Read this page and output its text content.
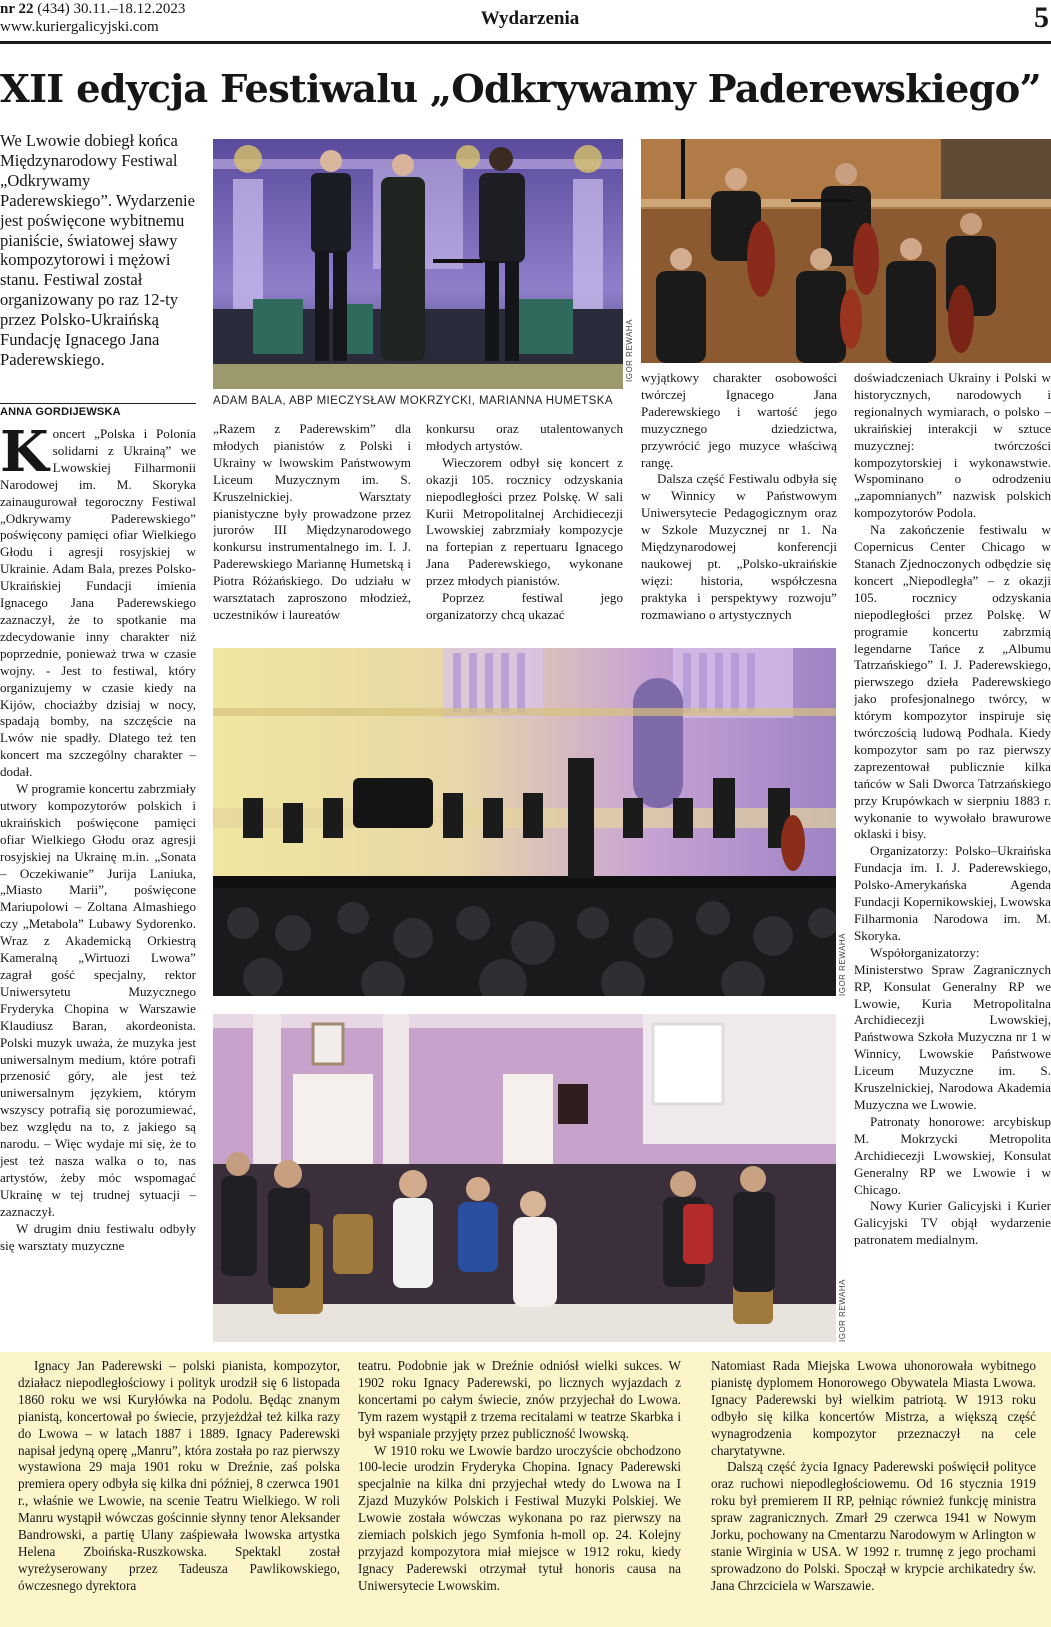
nr 22 (434) 30.11.–18.12.2023
www.kuriergalicyjski.com	Wydarzenia	5
XII edycja Festiwalu „Odkrywamy Paderewskiego”
We Lwowie dobiegł końca Międzynarodowy Festiwal „Odkrywamy Paderewskiego”. Wydarzenie jest poświęcone wybitnemu pianiście, światowej sławy kompozytorowi i mężowi stanu. Festiwal został organizowany po raz 12-ty przez Polsko-Ukraińską Fundację Ignacego Jana Paderewskiego.
ANNA GORDIJEWSKA
ADAM BALA, ABP MIECZYSŁAW MOKRZYCKI, MARIANNA HUMETSKA
IGOR REWAHA
IGOR REWAHA
IGOR REWAHA

Koncert „Polska i Polonia solidarni z Ukrainą” we Lwowskiej Filharmonii Narodowej im. M. Skoryka zainaugurował tegoroczny Festiwal „Odkrywamy Paderewskiego” poświęcony pamięci ofiar Wielkiego Głodu i agresji rosyjskiej w Ukrainie. Adam Bala, prezes Polsko-Ukraińskiej Fundacji imienia Ignacego Jana Paderewskiego zaznaczył, że to spotkanie ma zdecydowanie inny charakter niż poprzednie, ponieważ trwa w czasie wojny. - Jest to festiwal, który organizujemy w czasie kiedy na Kijów, chociażby dzisiaj w nocy, spadają bomby, na szczęście na Lwów nie spadły. Dlatego też ten koncert ma szczególny charakter – dodał.

W programie koncertu zabrzmiały utwory kompozytorów polskich i ukraińskich poświęcone pamięci ofiar Wielkiego Głodu oraz agresji rosyjskiej na Ukrainę m.in. „Sonata – Oczekiwanie” Jurija Laniuka, „Miasto Marii”, poświęcone Mariupolowi – Zoltana Almashiego czy „Metabola” Lubawy Sydorenko. Wraz z Akademicką Orkiestrą Kameralną „Wirtuozi Lwowa” zagrał gość specjalny, rektor Uniwersytetu Muzycznego Fryderyka Chopina w Warszawie Klaudiusz Baran, akordeonista. Polski muzyk uważa, że muzyka jest uniwersalnym medium, które potrafi przenosić góry, ale jest też uniwersalnym językiem, którym wszyscy potrafią się porozumiewać, bez względu na to, z jakiego są narodu. – Więc wydaje mi się, że to jest też nasza walka o to, nas artystów, żeby móc wspomagać Ukrainę w tej trudnej sytuacji – zaznaczył.

W drugim dniu festiwalu odbyły się warsztaty muzyczne

„Razem z Paderewskim” dla młodych pianistów z Polski i Ukrainy w lwowskim Państwowym Liceum Muzycznym im. S. Kruszelnickiej. Warsztaty pianistyczne były prowadzone przez jurorów III Międzynarodowego konkursu instrumentalnego im. I. J. Paderewskiego Mariannę Humetską i Piotra Różańskiego. Do udziału w warsztatach zaproszono młodzież, uczestników i laureatów

konkursu oraz utalentowanych młodych artystów.

Wieczorem odbył się koncert z okazji 105. rocznicy odzyskania niepodległości przez Polskę. W sali Kurii Metropolitalnej Archidiecezji Lwowskiej zabrzmiały kompozycje na fortepian z repertuaru Ignacego Jana Paderewskiego, wykonane przez młodych pianistów.

Poprzez festiwal jego organizatorzy chcą ukazać

wyjątkowy charakter osobowości twórczej Ignacego Jana Paderewskiego i wartość jego muzycznego dziedzictwa, przywrócić jego muzyce właściwą rangę.

Dalsza część Festiwalu odbyła się w Winnicy w Państwowym Uniwersytecie Pedagogicznym oraz w Szkole Muzycznej nr 1. Na Międzynarodowej konferencji naukowej pt. „Polsko-ukraińskie więzi: historia, współczesna praktyka i perspektywy rozwoju” rozmawiano o artystycznych

doświadczeniach Ukrainy i Polski w historycznych, narodowych i regionalnych wymiarach, o polsko – ukraińskiej interakcji w sztuce muzycznej: twórczości kompozytorskiej i wykonawstwie. Wspominano o odrodzeniu „zapomnianych” nazwisk polskich kompozytorów Podola.

Na zakończenie festiwalu w Copernicus Center Chicago w Stanach Zjednoczonych odbędzie się koncert „Niepodległa” – z okazji 105. rocznicy odzyskania niepodległości przez Polskę. W programie koncertu zabrzmią legendarne Tańce z „Albumu Tatrzańskiego” I. J. Paderewskiego, pierwszego dzieła Paderewskiego jako profesjonalnego twórcy, w którym kompozytor inspiruje się twórczością ludową Podhala. Kiedy kompozytor sam po raz pierwszy zaprezentował publicznie kilka tańców w Sali Dworca Tatrzańskiego przy Krupówkach w sierpniu 1883 r. wykonanie to wywołało brawurowe oklaski i bisy.

Organizatorzy: Polsko–Ukraińska Fundacja im. I. J. Paderewskiego, Polsko-Amerykańska Agenda Fundacji Kopernikowskiej, Lwowska Filharmonia Narodowa im. M. Skoryka.

Współorganizatorzy: Ministerstwo Spraw Zagranicznych RP, Konsulat Generalny RP we Lwowie, Kuria Metropolitalna Archidiecezji Lwowskiej, Państwowa Szkoła Muzyczna nr 1 w Winnicy, Lwowskie Państwowe Liceum Muzyczne im. S. Kruszelnickiej, Narodowa Akademia Muzyczna we Lwowie.

Patronaty honorowe: arcybiskup M. Mokrzycki Metropolita Archidiecezji Lwowskiej, Konsulat Generalny RP we Lwowie i w Chicago.

Nowy Kurier Galicyjski i Kurier Galicyjski TV objął wydarzenie patronatem medialnym.

Ignacy Jan Paderewski – polski pianista, kompozytor, działacz niepodległościowy i polityk urodził się 6 listopada 1860 roku we wsi Kuryłówka na Podolu. Będąc znanym pianistą, koncertował po świecie, przyjeżdżał też kilka razy do Lwowa – w latach 1887 i 1889. Ignacy Paderewski napisał jedyną operę „Manru”, która została po raz pierwszy wystawiona 29 maja 1901 roku w Dreźnie, zaś polska premiera opery odbyła się kilka dni później, 8 czerwca 1901 r., właśnie we Lwowie, na scenie Teatru Wielkiego. W roli Manru wystąpił wówczas gościnnie słynny tenor Aleksander Bandrowski, a partię Ulany zaśpiewała lwowska artystka Helena Zboińska-Ruszkowska. Spektakl został wyreżyserowany przez Tadeusza Pawlikowskiego, ówczesnego dyrektora

teatru. Podobnie jak w Dreźnie odniósł wielki sukces. W 1902 roku Ignacy Paderewski, po licznych wyjazdach z koncertami po całym świecie, znów przyjechał do Lwowa. Tym razem wystąpił z trzema recitalami w teatrze Skarbka i był wspaniale przyjęty przez publiczność lwowską.

W 1910 roku we Lwowie bardzo uroczyście obchodzono 100-lecie urodzin Fryderyka Chopina. Ignacy Paderewski specjalnie na kilka dni przyjechał wtedy do Lwowa na I Zjazd Muzyków Polskich i Festiwal Muzyki Polskiej. We Lwowie została wówczas wykonana po raz pierwszy na ziemiach polskich jego Symfonia h-moll op. 24. Kolejny przyjazd kompozytora miał miejsce w 1912 roku, kiedy Ignacy Paderewski otrzymał tytuł honoris causa na Uniwersytecie Lwowskim.

Natomiast Rada Miejska Lwowa uhonorowała wybitnego pianistę dyplomem Honorowego Obywatela Miasta Lwowa. Ignacy Paderewski był wielkim patriotą. W 1913 roku odbyło się kilka koncertów Mistrza, a większą część wynagrodzenia kompozytor przeznaczył na cele charytatywne.

Dalszą część życia Ignacy Paderewski poświęcił polityce oraz ruchowi niepodległościowemu. Od 16 stycznia 1919 roku był premierem II RP, pełniąc również funkcję ministra spraw zagranicznych. Zmarł 29 czerwca 1941 w Nowym Jorku, pochowany na Cmentarzu Narodowym w Arlington w stanie Wirginia w USA. W 1992 r. trumnę z jego prochami sprowadzono do Polski. Spoczął w krypcie archikatedry św. Jana Chrzciciela w Warszawie.
